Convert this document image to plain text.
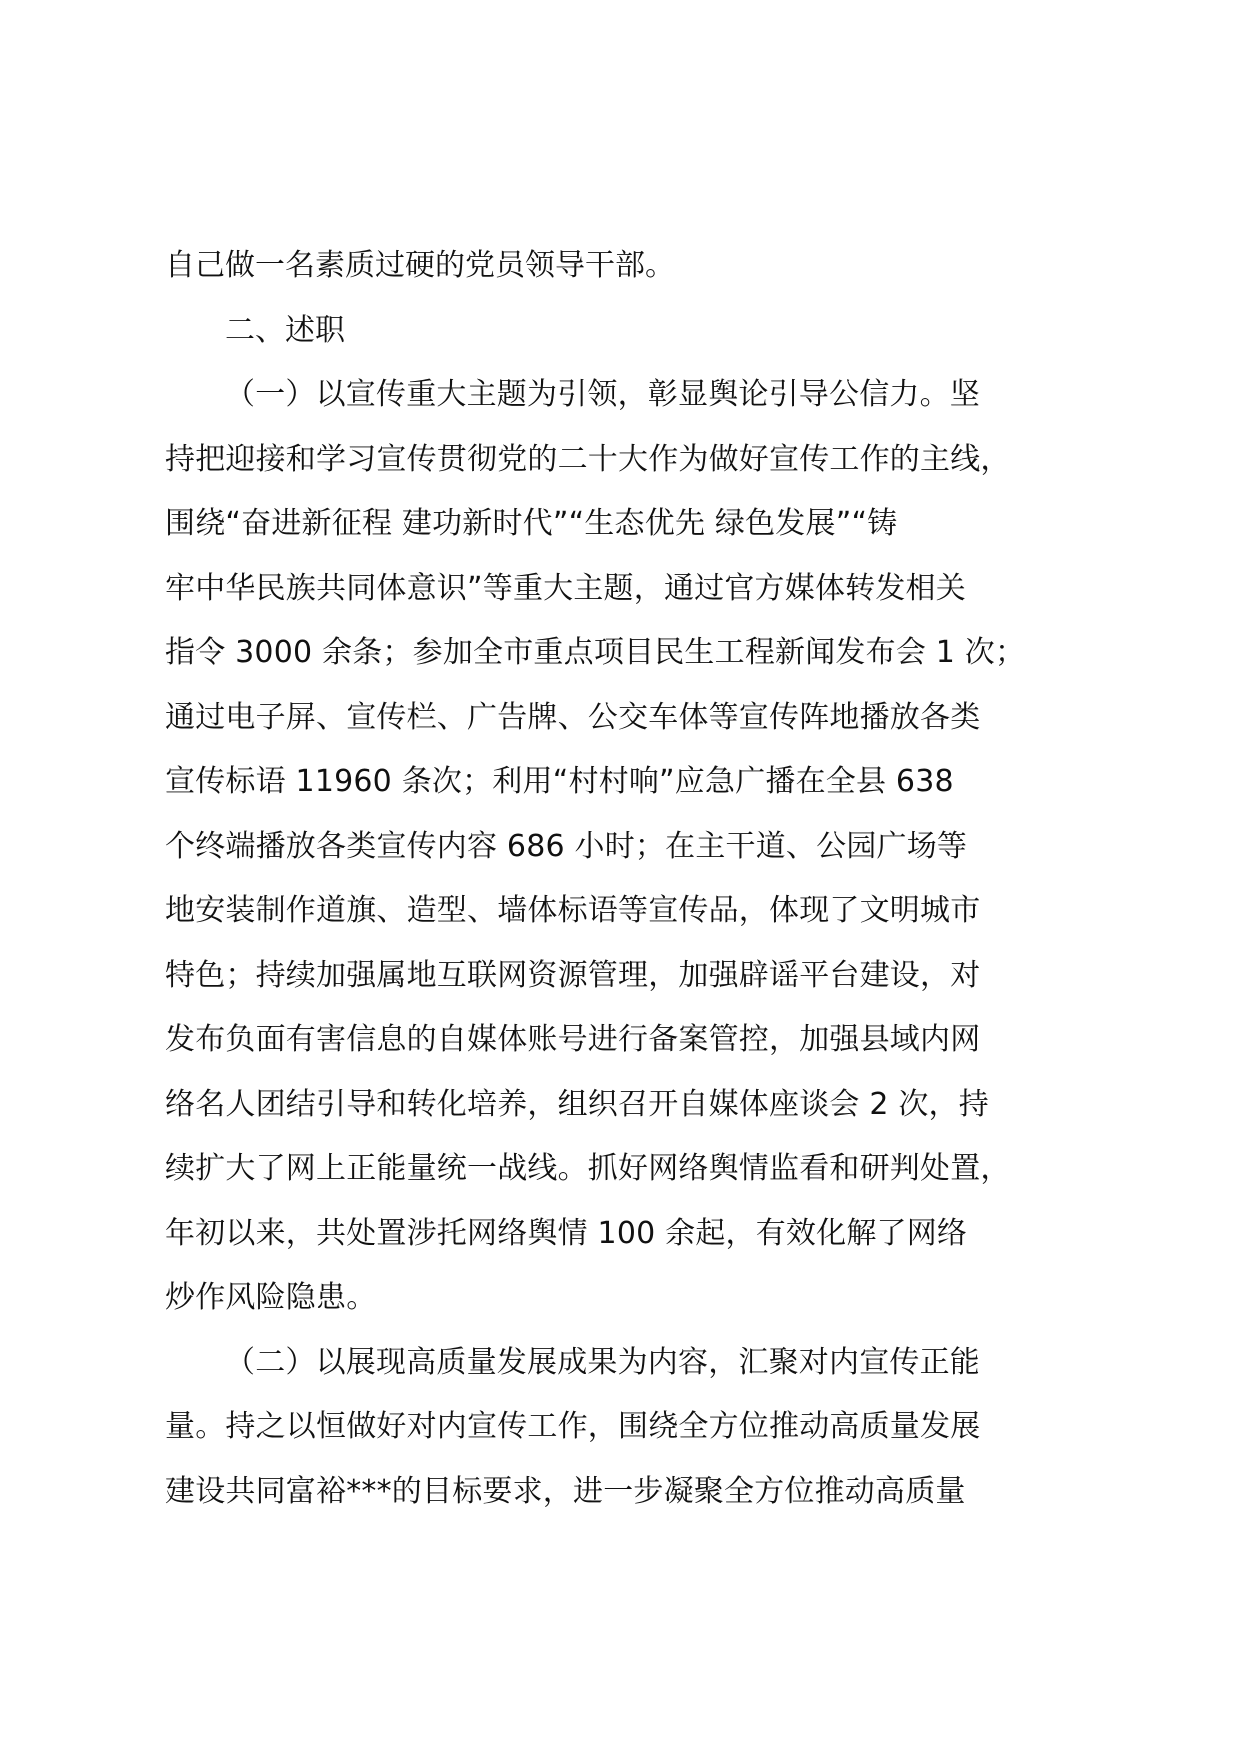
自己做一名素质过硬的党员领导干部。

二、述职

（一）以宣传重大主题为引领，彰显舆论引导公信力。坚

持把迎接和学习宣传贯彻党的二十大作为做好宣传工作的主线，

围绕“奋进新征程 建功新时代”“生态优先 绿色发展”“铸

牢中华民族共同体意识”等重大主题，通过官方媒体转发相关

指令 3000 余条；参加全市重点项目民生工程新闻发布会 1 次；

通过电子屏、宣传栏、广告牌、公交车体等宣传阵地播放各类

宣传标语 11960 条次；利用“村村响”应急广播在全县 638

个终端播放各类宣传内容 686 小时；在主干道、公园广场等

地安装制作道旗、造型、墙体标语等宣传品，体现了文明城市

特色；持续加强属地互联网资源管理，加强辟谣平台建设，对

发布负面有害信息的自媒体账号进行备案管控，加强县域内网

络名人团结引导和转化培养，组织召开自媒体座谈会 2 次，持

续扩大了网上正能量统一战线。抓好网络舆情监看和研判处置，

年初以来，共处置涉托网络舆情 100 余起，有效化解了网络

炒作风险隐患。

（二）以展现高质量发展成果为内容，汇聚对内宣传正能

量。持之以恒做好对内宣传工作，围绕全方位推动高质量发展

建设共同富裕***的目标要求，进一步凝聚全方位推动高质量
